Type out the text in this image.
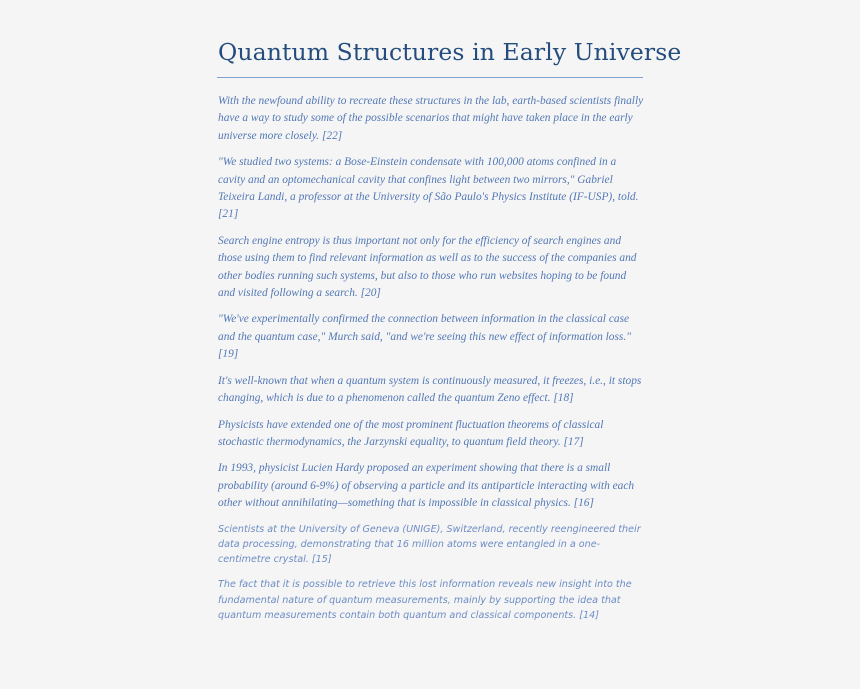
Quantum Structures in Early Universe

With the newfound ability to recreate these structures in the lab, earth-based scientists finally have a way to study some of the possible scenarios that might have taken place in the early universe more closely. [22]

"We studied two systems: a Bose-Einstein condensate with 100,000 atoms confined in a cavity and an optomechanical cavity that confines light between two mirrors," Gabriel Teixeira Landi, a professor at the University of São Paulo's Physics Institute (IF-USP), told. [21]

Search engine entropy is thus important not only for the efficiency of search engines and those using them to find relevant information as well as to the success of the companies and other bodies running such systems, but also to those who run websites hoping to be found and visited following a search. [20]

"We've experimentally confirmed the connection between information in the classical case and the quantum case," Murch said, "and we're seeing this new effect of information loss." [19]

It's well-known that when a quantum system is continuously measured, it freezes, i.e., it stops changing, which is due to a phenomenon called the quantum Zeno effect. [18]

Physicists have extended one of the most prominent fluctuation theorems of classical stochastic thermodynamics, the Jarzynski equality, to quantum field theory. [17]

In 1993, physicist Lucien Hardy proposed an experiment showing that there is a small probability (around 6-9%) of observing a particle and its antiparticle interacting with each other without annihilating—something that is impossible in classical physics. [16]

Scientists at the University of Geneva (UNIGE), Switzerland, recently reengineered their data processing, demonstrating that 16 million atoms were entangled in a one-centimetre crystal. [15]

The fact that it is possible to retrieve this lost information reveals new insight into the fundamental nature of quantum measurements, mainly by supporting the idea that quantum measurements contain both quantum and classical components. [14]
